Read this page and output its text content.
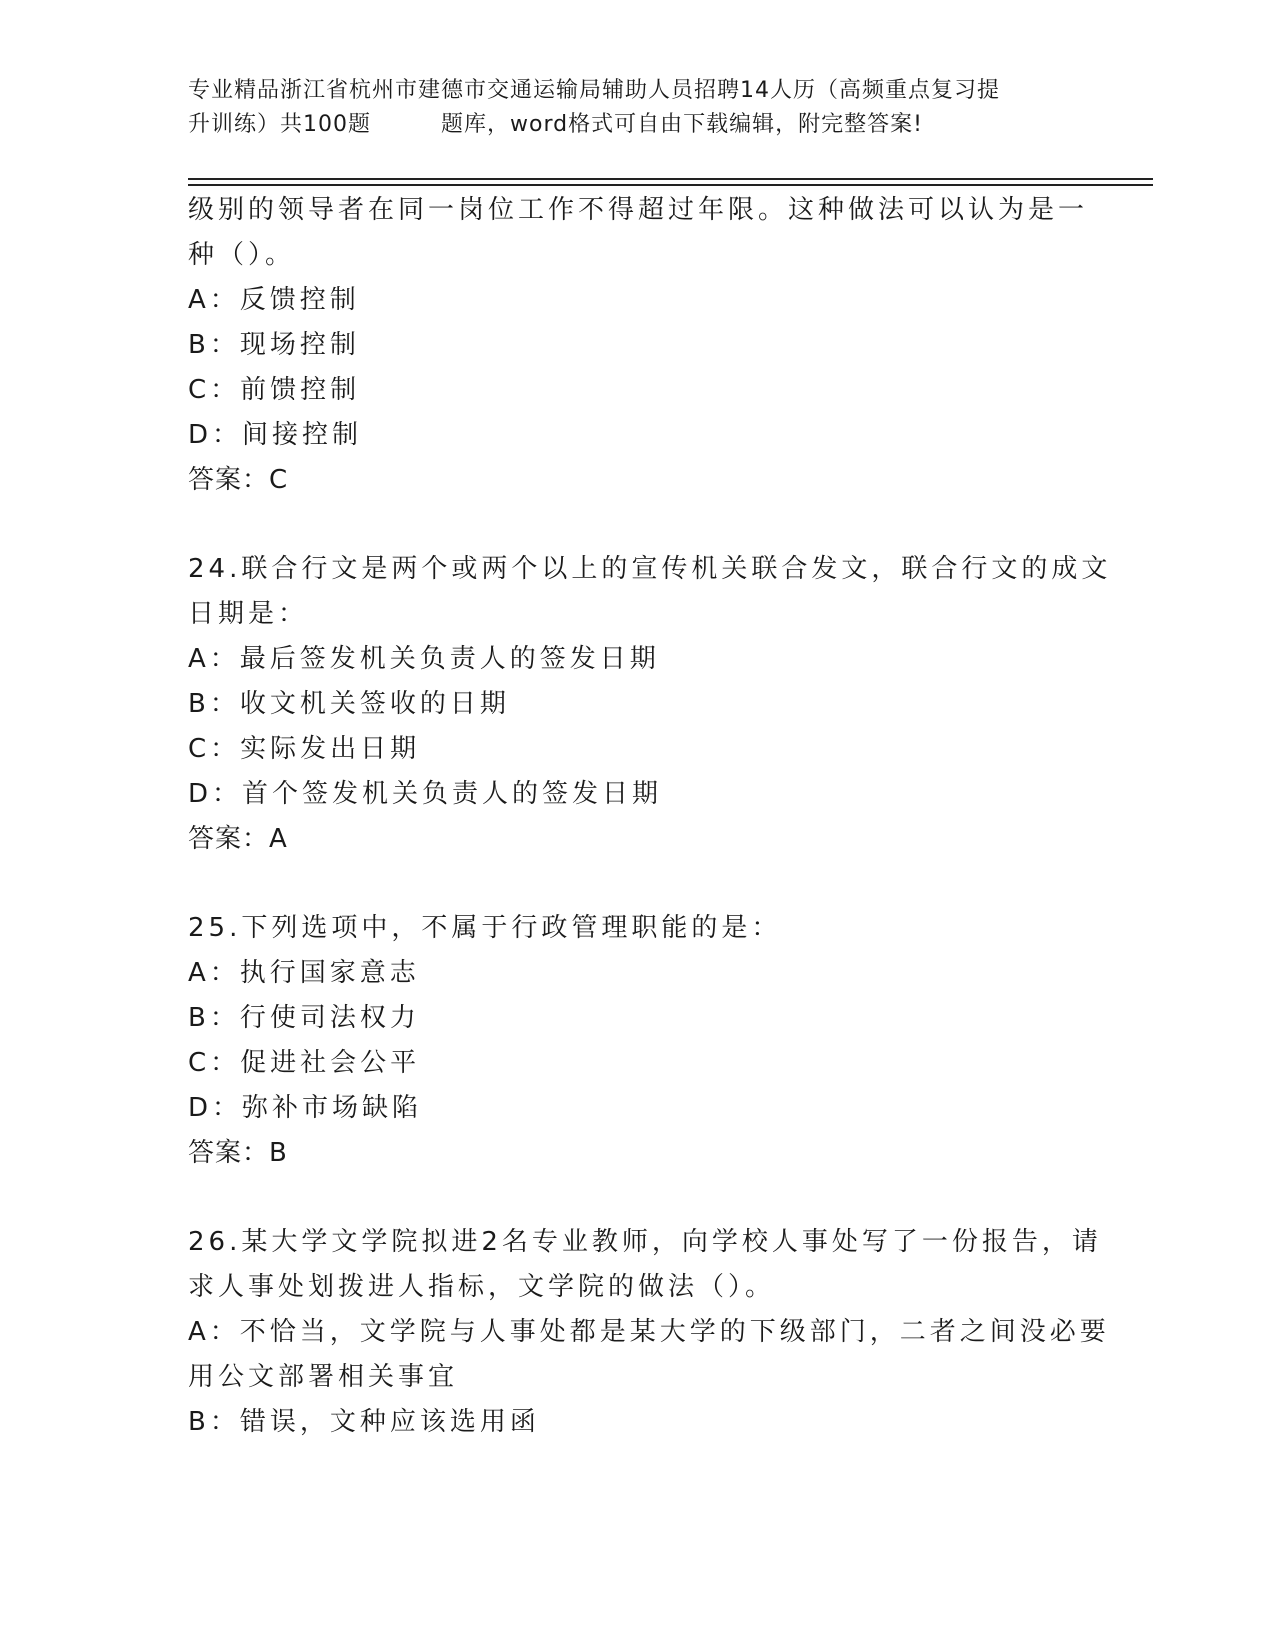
专业精品浙江省杭州市建德市交通运输局辅助人员招聘14人历（高频重点复习提
升训练）共100题	题库，word格式可自由下载编辑，附完整答案!
级别的领导者在同一岗位工作不得超过年限。这种做法可以认为是一
种（）。
A：反馈控制
B：现场控制
C：前馈控制
D：间接控制
答案：C
24.联合行文是两个或两个以上的宣传机关联合发文，联合行文的成文
日期是：
A：最后签发机关负责人的签发日期
B：收文机关签收的日期
C：实际发出日期
D：首个签发机关负责人的签发日期
答案：A
25.下列选项中，不属于行政管理职能的是：
A：执行国家意志
B：行使司法权力
C：促进社会公平
D：弥补市场缺陷
答案：B
26.某大学文学院拟进2名专业教师，向学校人事处写了一份报告，请
求人事处划拨进人指标，文学院的做法（）。
A：不恰当，文学院与人事处都是某大学的下级部门，二者之间没必要
用公文部署相关事宜
B：错误，文种应该选用函
